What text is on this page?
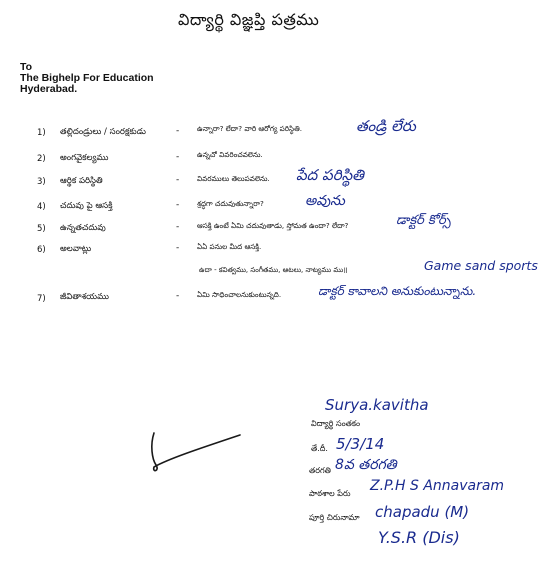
విద్యార్థి విజ్ఞప్తి పత్రము
To
The Bighelp For Education
Hyderabad.
1) తల్లిదండ్రులు / సంరక్షకుడు	- ఉన్నారా? లేదా? వారి ఆరోగ్య పరిస్థితి.	తండ్రి లేరు
2) అంగవైకల్యము	- ఉన్నచో వివరించవలెను.
3) ఆర్థిక పరిస్థితి	- వివరములు తెలుపవలెను. పేద పరిస్థితి
4) చదువు పై ఆసక్తి	- శ్రద్ధగా చదువుతున్నారా?	అవును
5) ఉన్నతచదువు	- ఆసక్తి ఉంటే ఏమి చదువుతాడు, స్తోమత ఉందా? లేదా?	డాక్టర్ కోర్స్
6) అలవాట్లు	- ఏఏ పనుల మీద ఆసక్తి.
ఉదా - కవిత్వము, సంగీతము, ఆటలు, నాట్యము ము॥	Game sand sports
7) జీవితాశయము	- ఏమి సాధించాలనుకుంటున్నది.	డాక్టర్ కావాలని అనుకుంటున్నాను.
Surya.kavitha
విద్యార్థి సంతకం
తే.దీ. 5/3/14
తరగతి 8వ తరగతి
పాఠశాల పేరు Z.P.H S Annavaram
పూర్తి చిరునామా chapadu (M)
Y.S.R (Dis)
